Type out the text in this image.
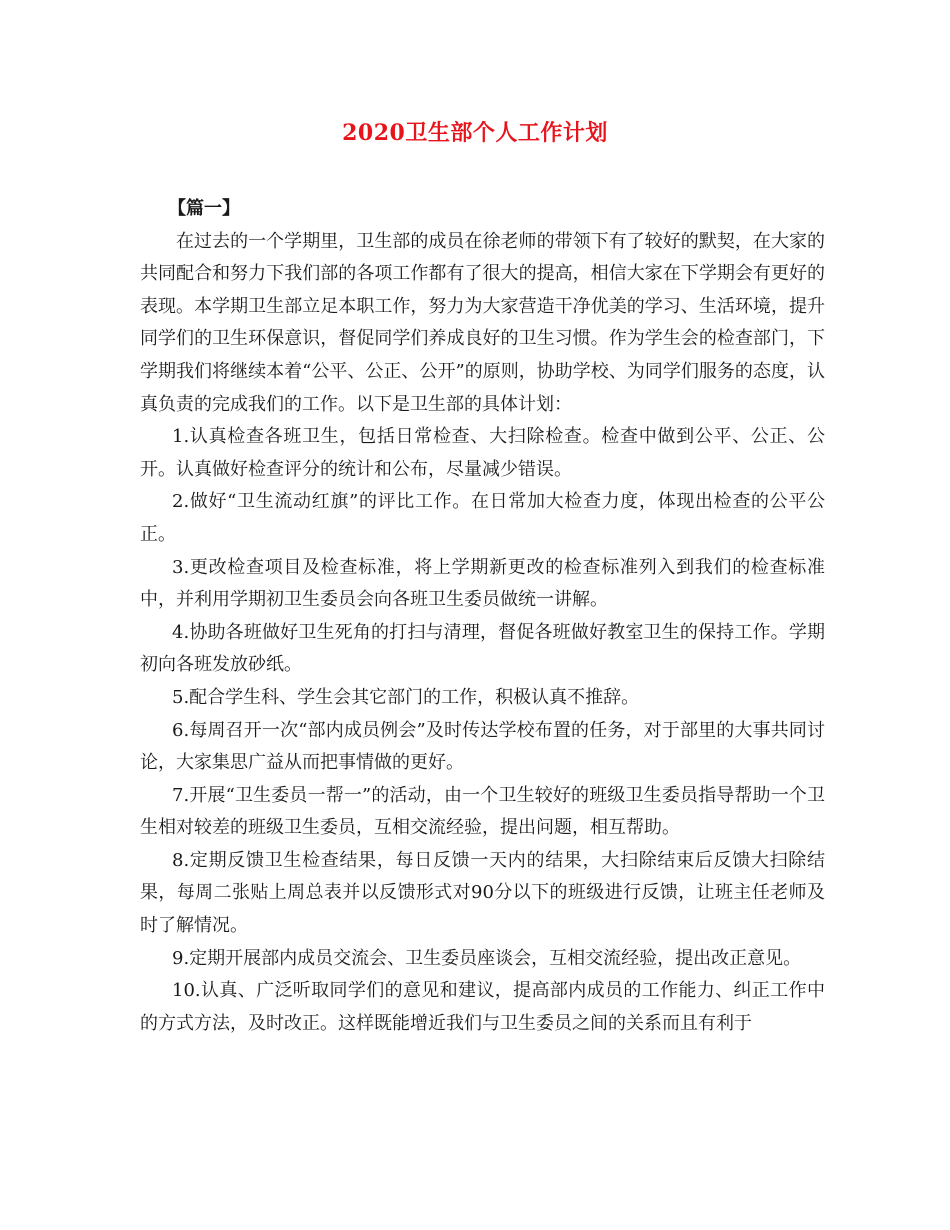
2020卫生部个人工作计划

【篇一】

在过去的一个学期里，卫生部的成员在徐老师的带领下有了较好的默契，在大家的共同配合和努力下我们部的各项工作都有了很大的提高，相信大家在下学期会有更好的表现。本学期卫生部立足本职工作，努力为大家营造干净优美的学习、生活环境，提升同学们的卫生环保意识，督促同学们养成良好的卫生习惯。作为学生会的检查部门，下学期我们将继续本着“公平、公正、公开”的原则，协助学校、为同学们服务的态度，认真负责的完成我们的工作。以下是卫生部的具体计划：

1.认真检查各班卫生，包括日常检查、大扫除检查。检查中做到公平、公正、公开。认真做好检查评分的统计和公布，尽量减少错误。

2.做好“卫生流动红旗”的评比工作。在日常加大检查力度，体现出检查的公平公正。

3.更改检查项目及检查标准，将上学期新更改的检查标准列入到我们的检查标准中，并利用学期初卫生委员会向各班卫生委员做统一讲解。

4.协助各班做好卫生死角的打扫与清理，督促各班做好教室卫生的保持工作。学期初向各班发放砂纸。

5.配合学生科、学生会其它部门的工作，积极认真不推辞。

6.每周召开一次“部内成员例会”及时传达学校布置的任务，对于部里的大事共同讨论，大家集思广益从而把事情做的更好。

7.开展“卫生委员一帮一”的活动，由一个卫生较好的班级卫生委员指导帮助一个卫生相对较差的班级卫生委员，互相交流经验，提出问题，相互帮助。

8.定期反馈卫生检查结果，每日反馈一天内的结果，大扫除结束后反馈大扫除结果，每周二张贴上周总表并以反馈形式对90分以下的班级进行反馈，让班主任老师及时了解情况。

9.定期开展部内成员交流会、卫生委员座谈会，互相交流经验，提出改正意见。

10.认真、广泛听取同学们的意见和建议，提高部内成员的工作能力、纠正工作中的方式方法，及时改正。这样既能增近我们与卫生委员之间的关系而且有利于
